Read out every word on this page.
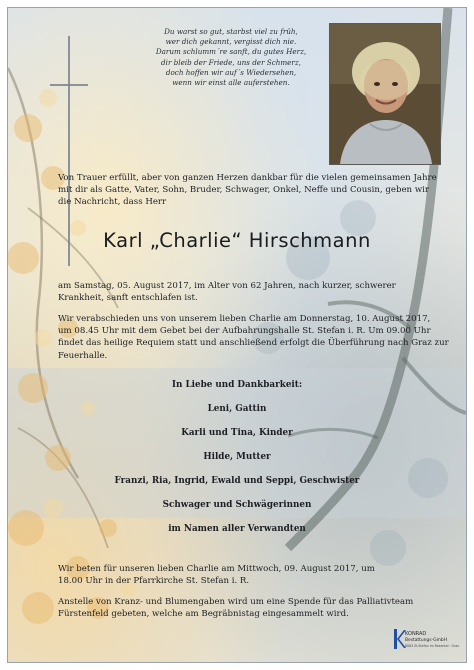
Du warst so gut, starbst viel zu früh,
wer dich gekannt, vergisst dich nie.
Darum schlumm´re sanft, du gutes Herz,
dir bleib der Friede, uns der Schmerz,
doch hoffen wir auf´s Wiedersehen,
wenn wir einst alle auferstehen.
Von Trauer erfüllt, aber von ganzen Herzen dankbar für die vielen gemeinsamen Jahre
mit dir als Gatte, Vater, Sohn, Bruder, Schwager, Onkel, Neffe und Cousin, geben wir
die Nachricht, dass Herr
Karl „Charlie“ Hirschmann
am Samstag, 05. August 2017, im Alter von 62 Jahren, nach kurzer, schwerer
Krankheit, sanft entschlafen ist.
Wir verabschieden uns von unserem lieben Charlie am Donnerstag, 10. August 2017,
um 08.45 Uhr mit dem Gebet bei der Aufbahrungshalle St. Stefan i. R. Um 09.00 Uhr
findet das heilige Requiem statt und anschließend erfolgt die Überführung nach Graz zur
Feuerhalle.
In Liebe und Dankbarkeit:
Leni, Gattin
Karli und Tina, Kinder
Hilde, Mutter
Franzi, Ria, Ingrid, Ewald und Seppi, Geschwister
Schwager und Schwägerinnen
im Namen aller Verwandten
Wir beten für unseren lieben Charlie am Mittwoch, 09. August 2017, um
18.00 Uhr in der Pfarrkirche St. Stefan i. R.
Anstelle von Kranz- und Blumengaben wird um eine Spende für das Palliativteam
Fürstenfeld gebeten, welche am Begräbnistag eingesammelt wird.
KONRAD
Bestattungs-GmbH
8083 St.Stefan im Rosental · Graz
